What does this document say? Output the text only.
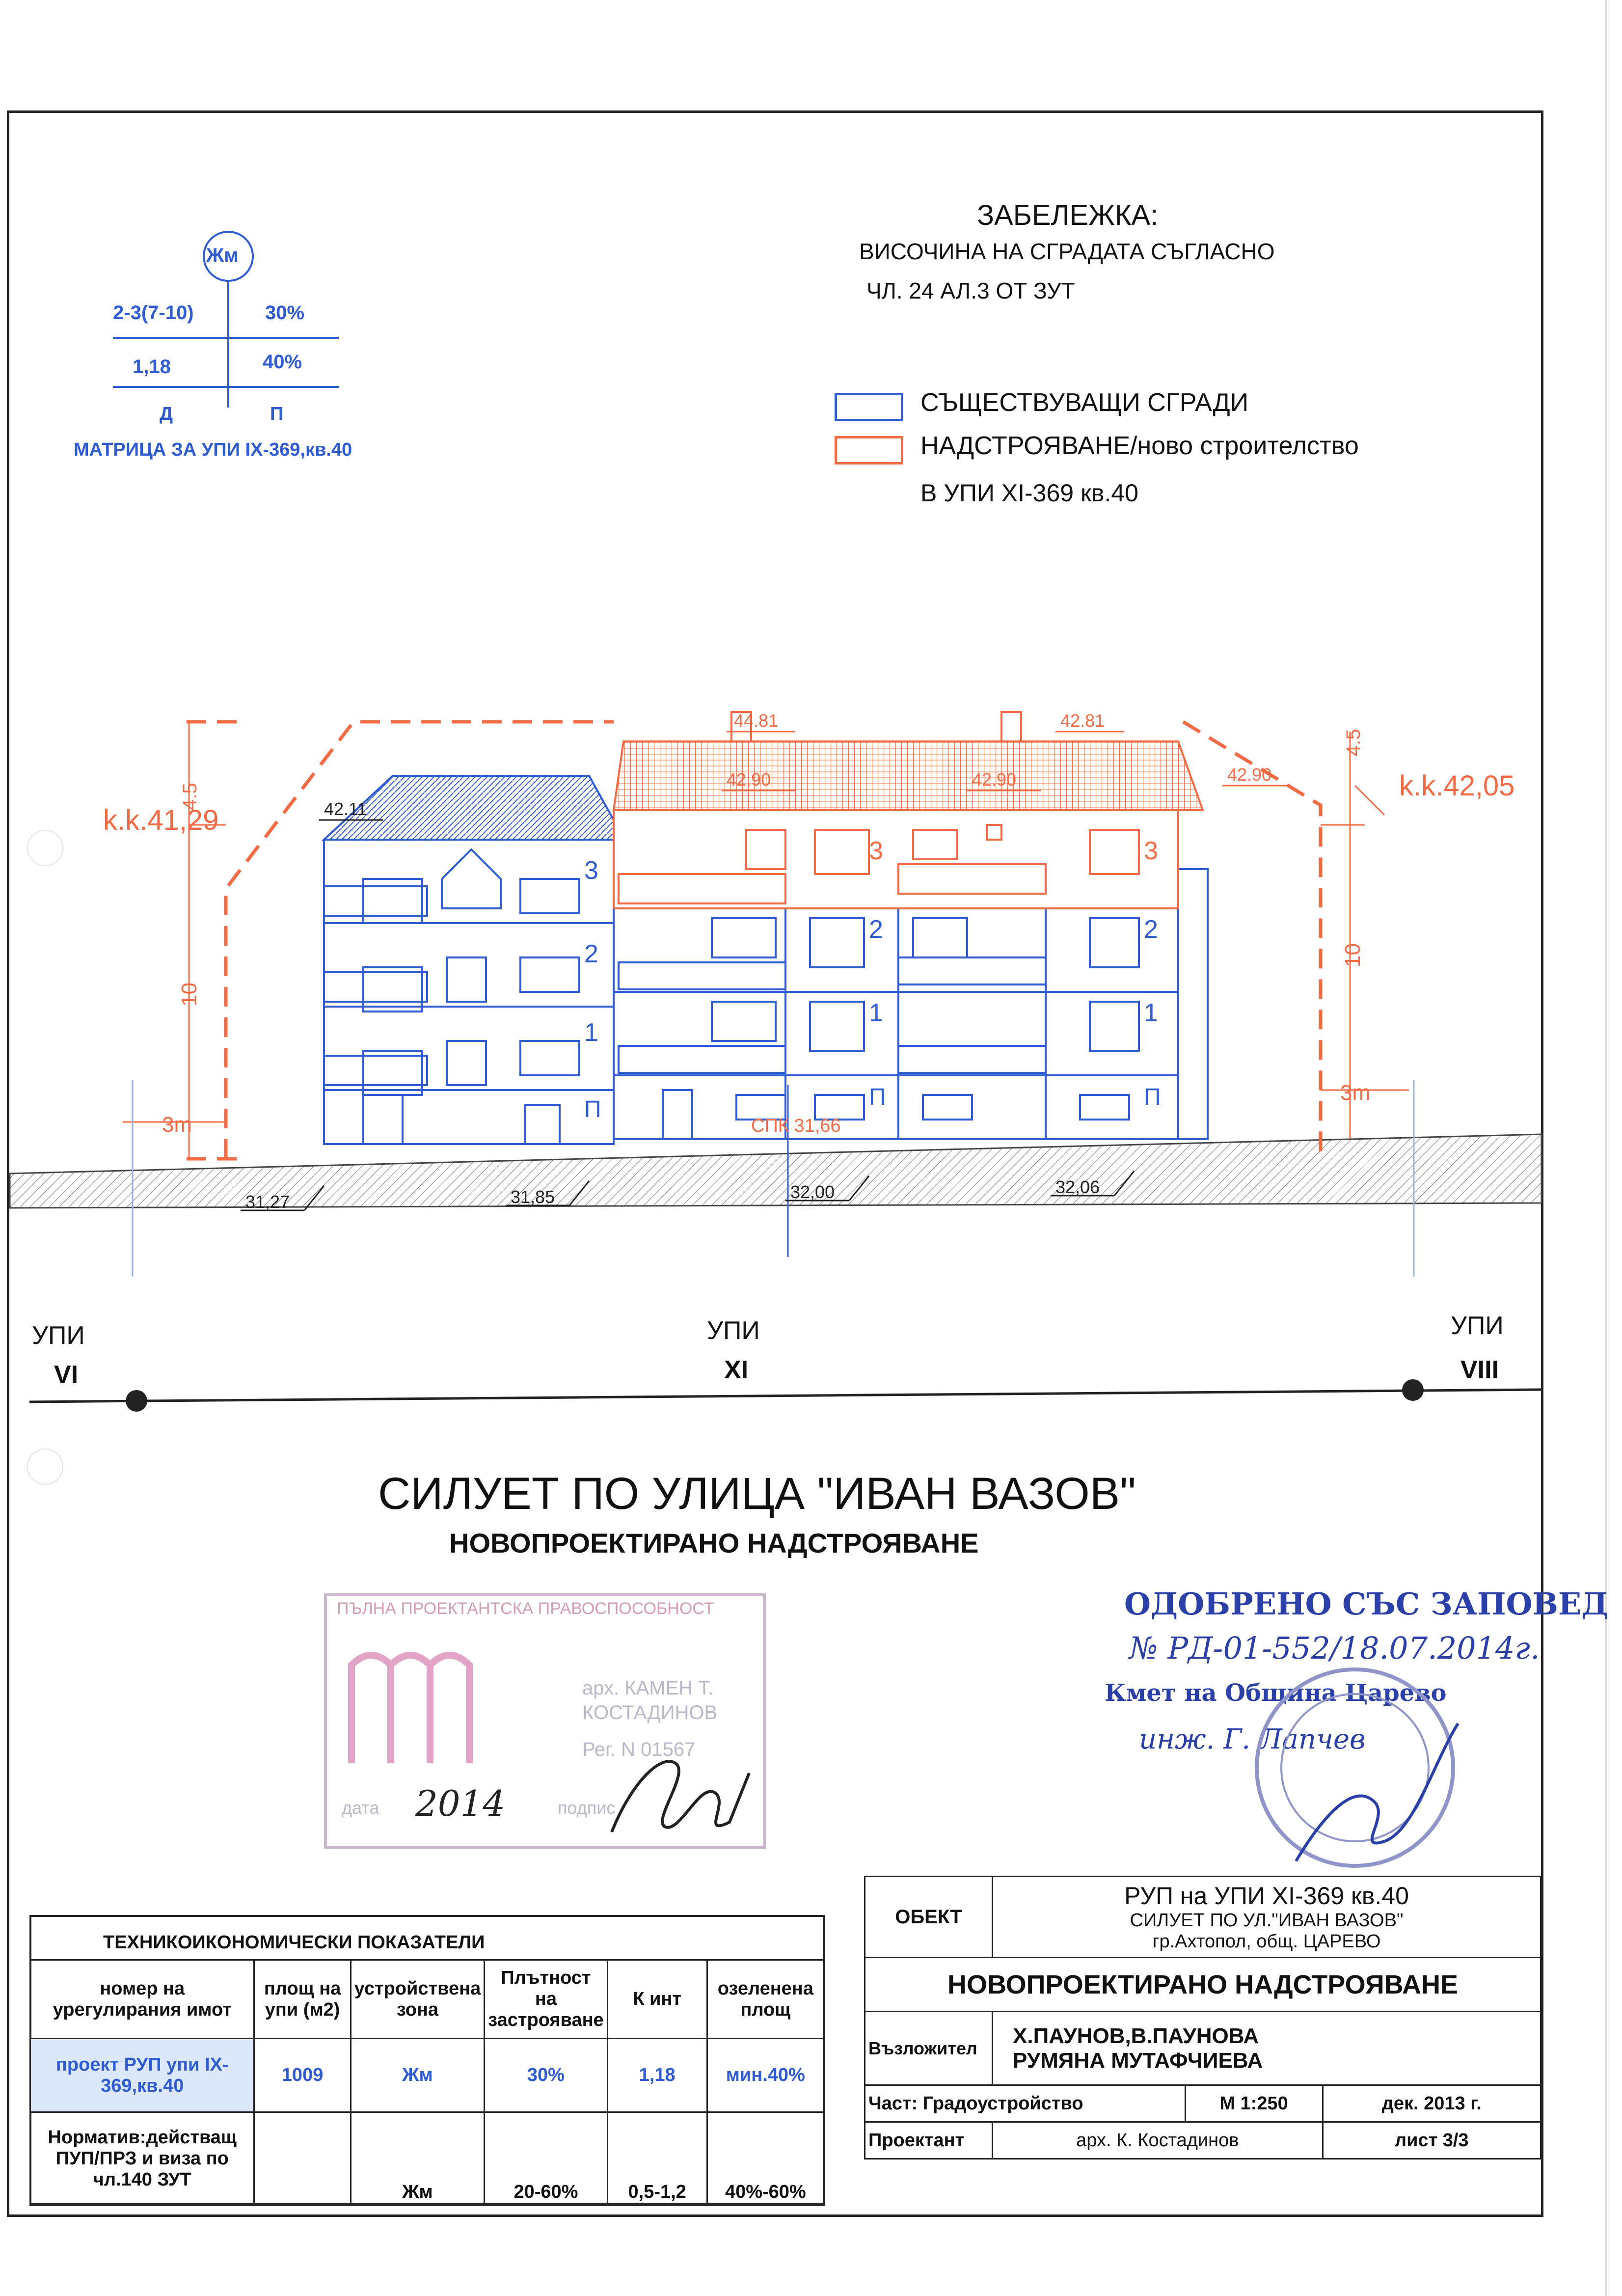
Жм
2-3(7-10)	30%
1,18	40%
Д	П
МАТРИЦА ЗА УПИ IX-369,кв.40
ЗАБЕЛЕЖКА:
ВИСОЧИНА НА СГРАДАТА СЪГЛАСНО
ЧЛ. 24 АЛ.3 ОТ ЗУТ
СЪЩЕСТВУВАЩИ СГРАДИ
НАДСТРОЯВАНЕ/ново строителство
В УПИ XI-369 кв.40
4.5
10
3m
4.5
10
3m
k.k.41,29
k.k.42,05
3
2
1
П
3
2
1
П
3
2
1
П
44.81	42.81
42.90	42.90	42.90
42.11
СПК 31,66
31,27	31,85	32,00	32,06
УПИ
VI
УПИ
XI
УПИ
VIII
СИЛУЕТ ПО УЛИЦА "ИВАН ВАЗОВ"
НОВОПРОЕКТИРАНО НАДСТРОЯВАНЕ
ПЪЛНА ПРОЕКТАНТСКА ПРАВОСПОСОБНОСТ
арх. КАМЕН Т.
КОСТАДИНОВ
Рег. N 01567
дата 2014	подпис
ОДОБРЕНО СЪС ЗАПОВЕД
№ РД-01-552/18.07.2014г.
Кмет на Община Царево
инж. Г. Лапчев
ТЕХНИКОИКОНОМИЧЕСКИ ПОКАЗАТЕЛИ
номер на урегулирания имот	площ на упи (м2)	устройствена зона	Плътност на застрояване	К инт	озеленена площ
проект РУП упи IX-369,кв.40	1009	Жм	30%	1,18	мин.40%
Норматив:действащ ПУП/ПРЗ и виза по чл.140 ЗУТ		Жм	20-60%	0,5-1,2	40%-60%
ОБЕКТ	РУП на УПИ XI-369 кв.40
СИЛУЕТ ПО УЛ."ИВАН ВАЗОВ"
гр.Ахтопол, общ. ЦАРЕВО		

НОВОПРОЕКТИРАНО НАДСТРОЯВАНЕ			
Възложител	Х.ПАУНОВ,В.ПАУНОВА
РУМЯНА МУТАФЧИЕВА		

Част: Градоустройство		М 1:250	дек. 2013 г.
Проектант	арх. К. Костадинов		лист 3/3
